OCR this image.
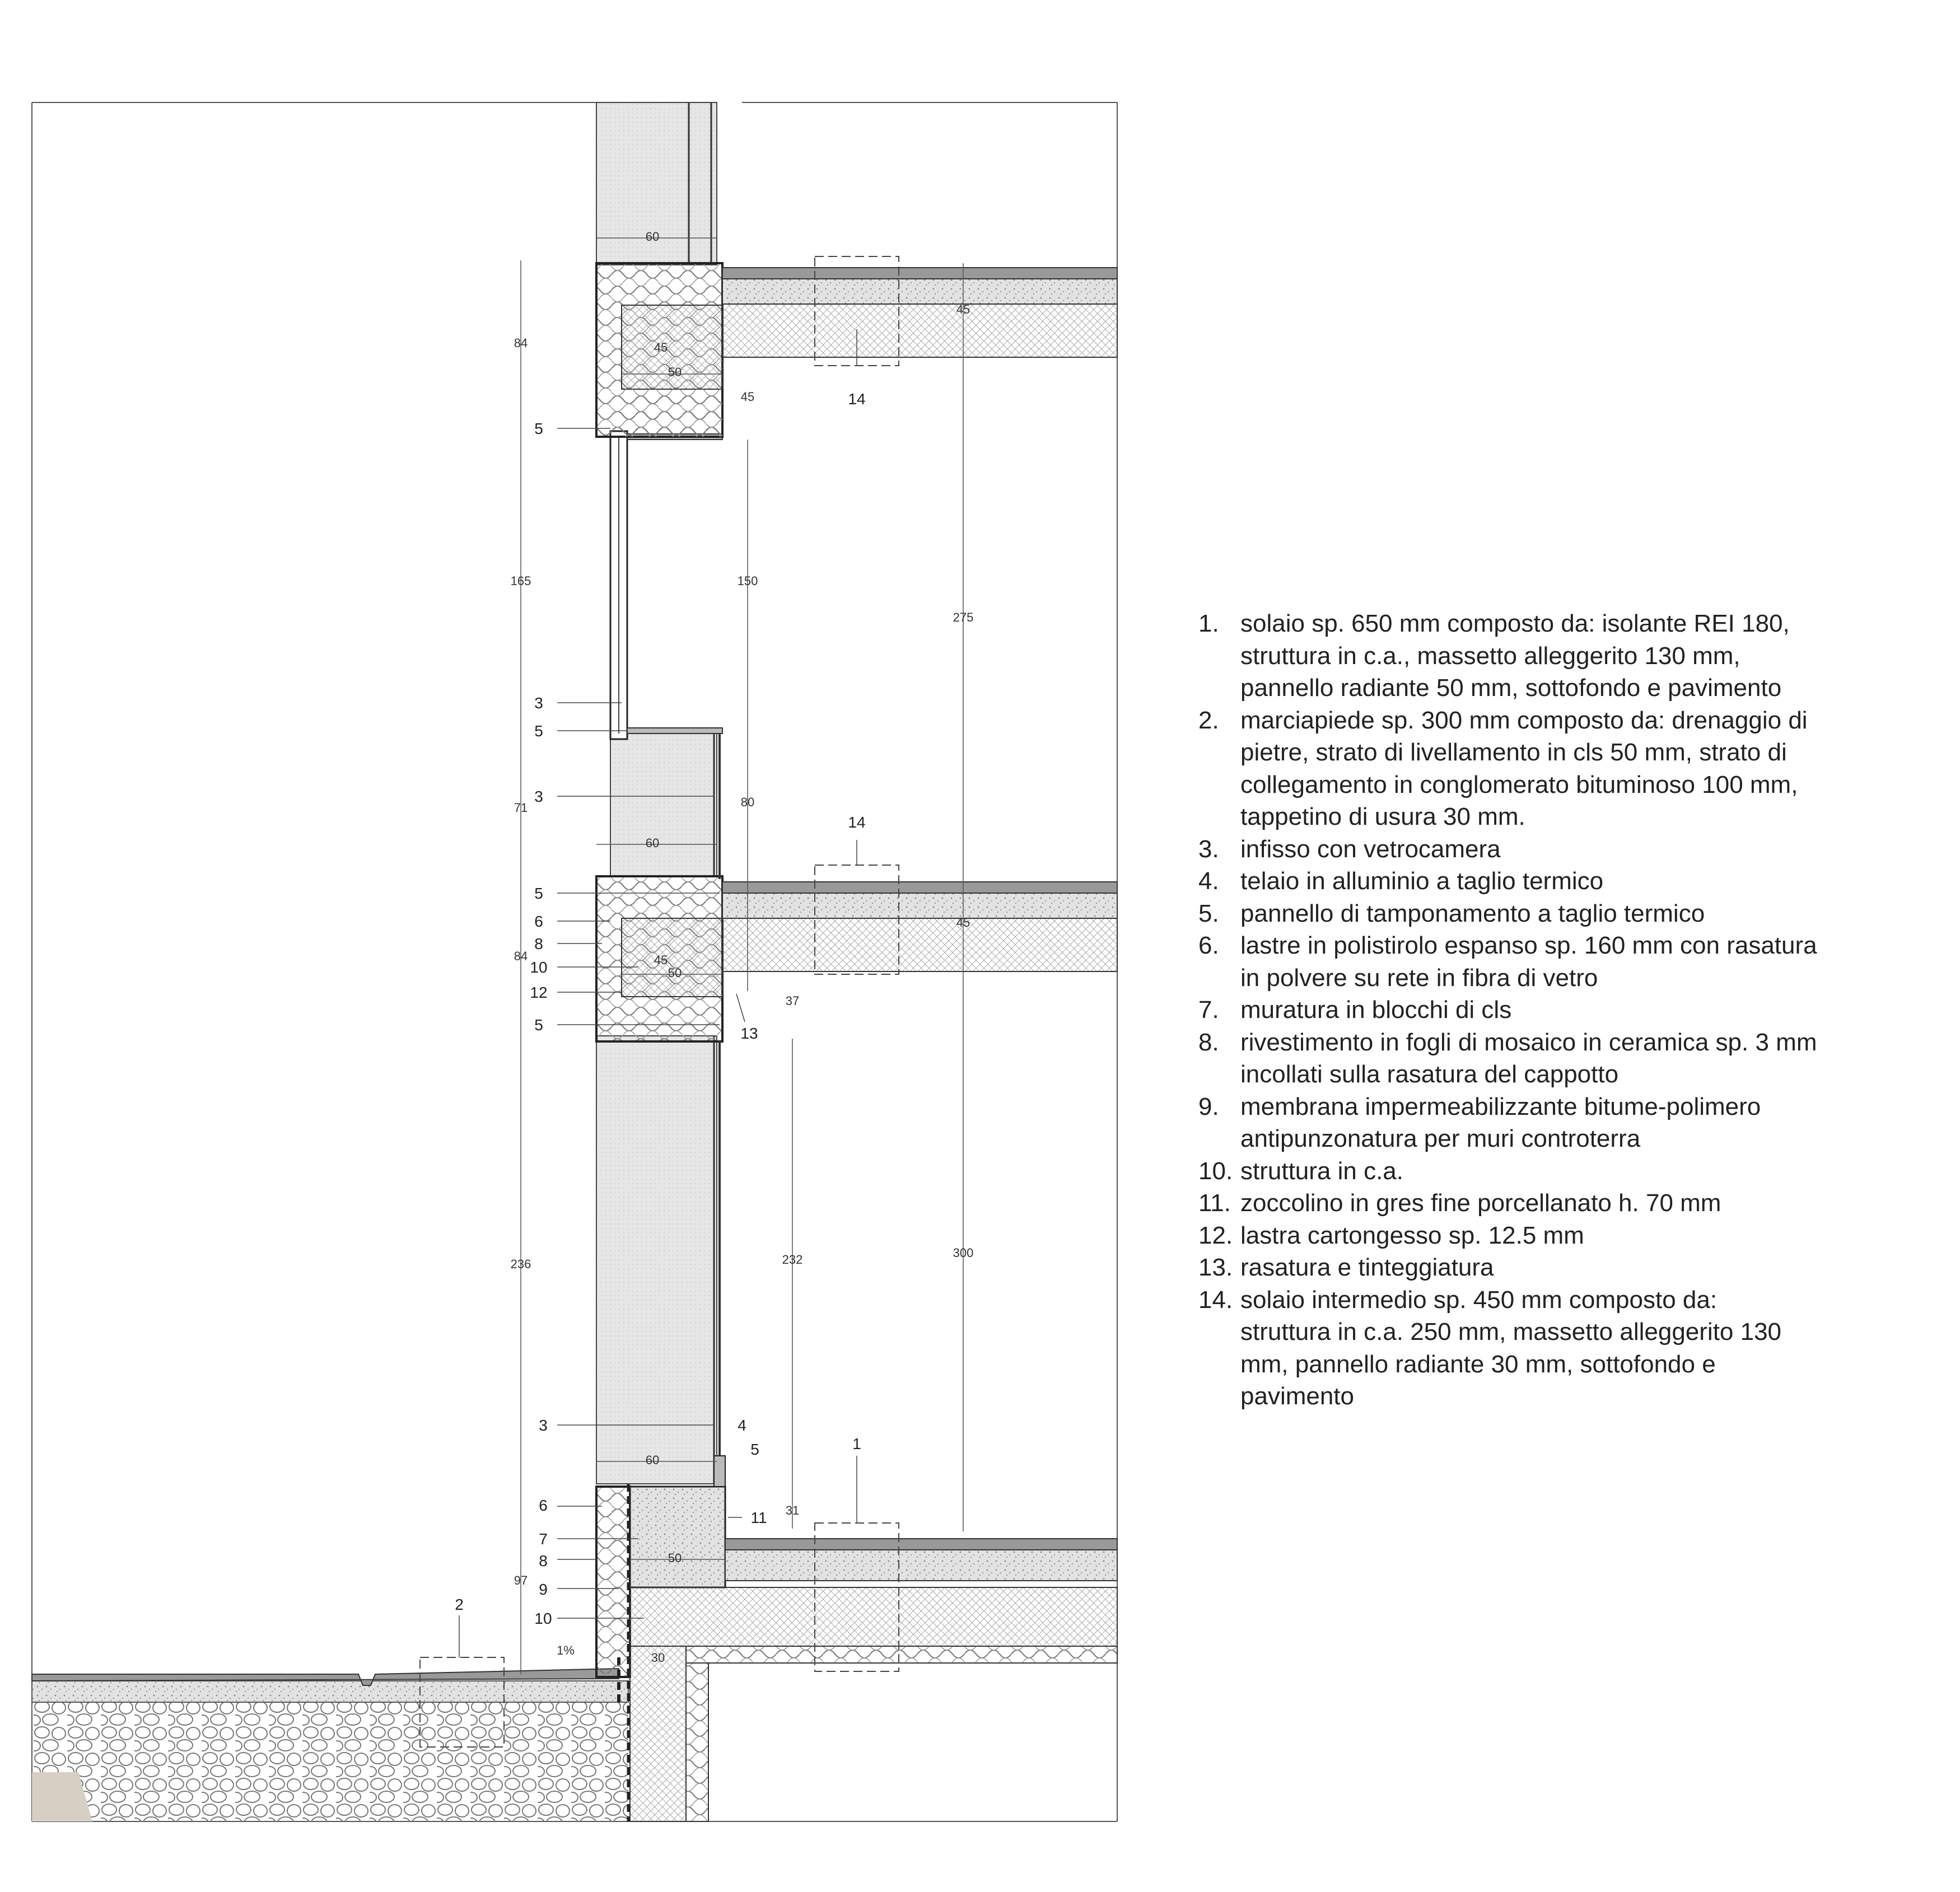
60
84	45
50
45
45
165	150
275
71	80
60
84	45
50
45
37
236	232	300
60
31
50
97
30
1%
5
3
5
3
5
6
8
10
12
5	13
14
14
3	4
5
6
7
8
9
10
1
11
2
1. solaio sp. 650 mm composto da: isolante REI 180,
struttura in c.a., massetto alleggerito 130 mm,
pannello radiante 50 mm, sottofondo e pavimento
2. marciapiede sp. 300 mm composto da: drenaggio di
pietre, strato di livellamento in cls 50 mm, strato di
collegamento in conglomerato bituminoso 100 mm,
tappetino di usura 30 mm.
3. infisso con vetrocamera
4. telaio in alluminio a taglio termico
5. pannello di tamponamento a taglio termico
6. lastre in polistirolo espanso sp. 160 mm con rasatura
in polvere su rete in fibra di vetro
7. muratura in blocchi di cls
8. rivestimento in fogli di mosaico in ceramica sp. 3 mm
incollati sulla rasatura del cappotto
9. membrana impermeabilizzante bitume-polimero
antipunzonatura per muri controterra
10. struttura in c.a.
11. zoccolino in gres fine porcellanato h. 70 mm
12. lastra cartongesso sp. 12.5 mm
13. rasatura e tinteggiatura
14. solaio intermedio sp. 450 mm composto da:
struttura in c.a. 250 mm, massetto alleggerito 130
mm, pannello radiante 30 mm, sottofondo e
pavimento
